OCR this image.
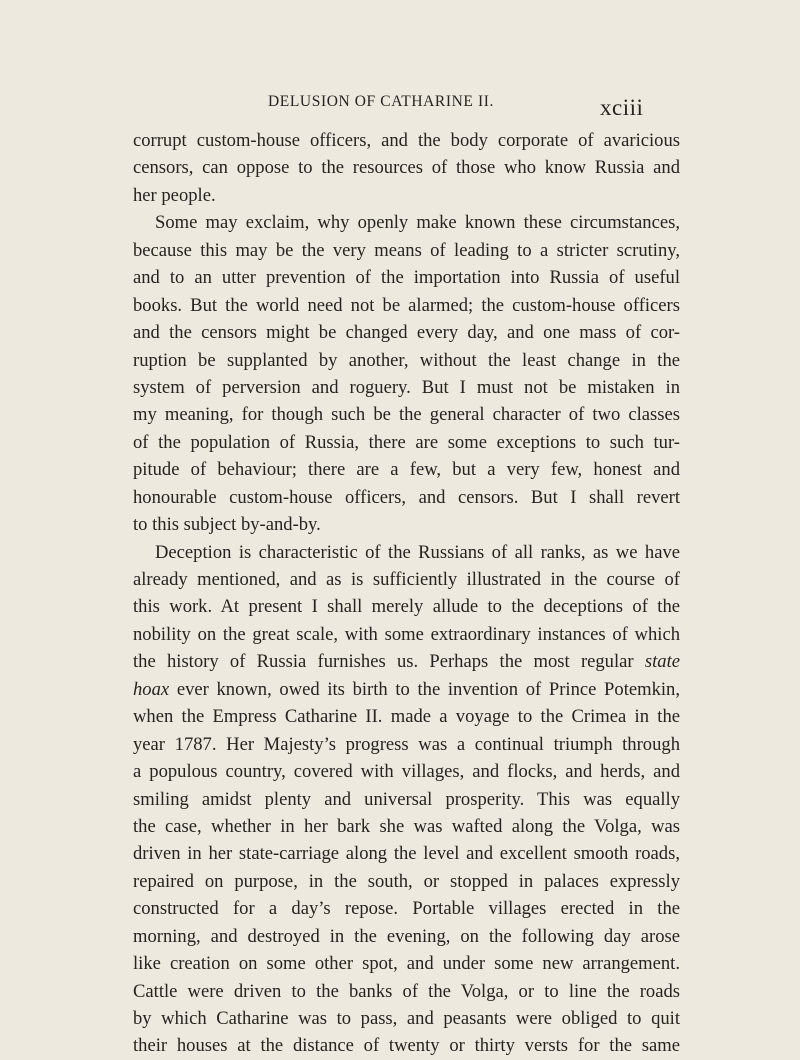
DELUSION OF CATHARINE II.	xciii
corrupt custom-house officers, and the body corporate of avaricious
censors, can oppose to the resources of those who know Russia and
her people.
Some may exclaim, why openly make known these circumstances,
because this may be the very means of leading to a stricter scrutiny,
and to an utter prevention of the importation into Russia of useful
books. But the world need not be alarmed; the custom-house officers
and the censors might be changed every day, and one mass of cor-
ruption be supplanted by another, without the least change in the
system of perversion and roguery. But I must not be mistaken in
my meaning, for though such be the general character of two classes
of the population of Russia, there are some exceptions to such tur-
pitude of behaviour; there are a few, but a very few, honest and
honourable custom-house officers, and censors. But I shall revert
to this subject by-and-by.
Deception is characteristic of the Russians of all ranks, as we have
already mentioned, and as is sufficiently illustrated in the course of
this work. At present I shall merely allude to the deceptions of the
nobility on the great scale, with some extraordinary instances of which
the history of Russia furnishes us. Perhaps the most regular state
hoax ever known, owed its birth to the invention of Prince Potemkin,
when the Empress Catharine II. made a voyage to the Crimea in the
year 1787. Her Majesty’s progress was a continual triumph through
a populous country, covered with villages, and flocks, and herds, and
smiling amidst plenty and universal prosperity. This was equally
the case, whether in her bark she was wafted along the Volga, was
driven in her state-carriage along the level and excellent smooth roads,
repaired on purpose, in the south, or stopped in palaces expressly
constructed for a day’s repose. Portable villages erected in the
morning, and destroyed in the evening, on the following day arose
like creation on some other spot, and under some new arrangement.
Cattle were driven to the banks of the Volga, or to line the roads
by which Catharine was to pass, and peasants were obliged to quit
their houses at the distance of twenty or thirty versts for the same
